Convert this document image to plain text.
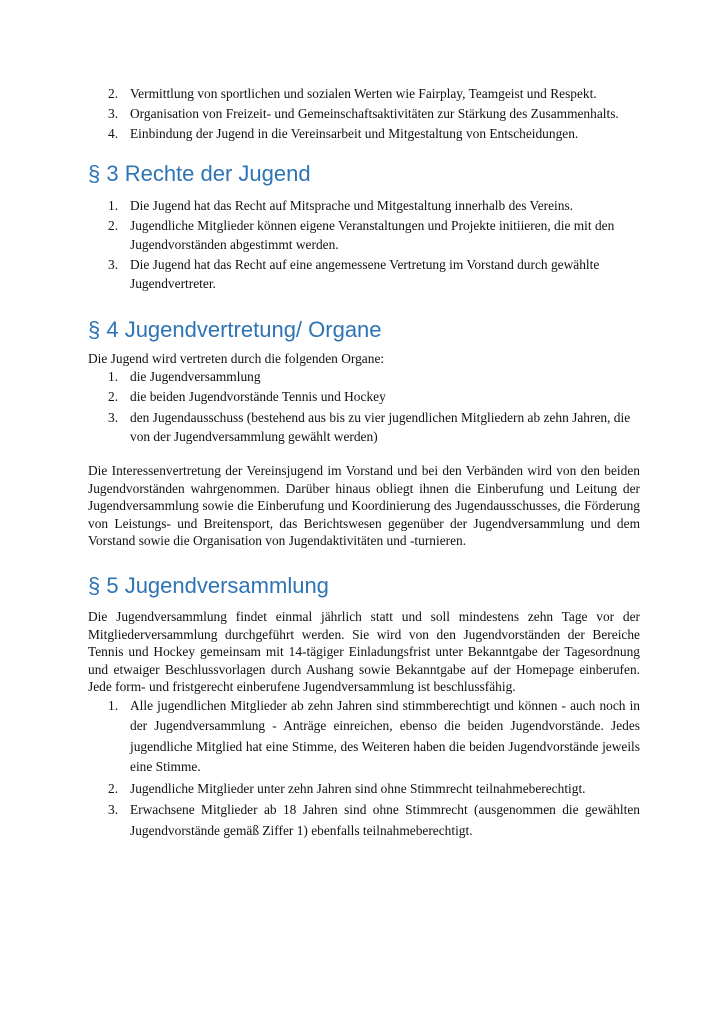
2. Vermittlung von sportlichen und sozialen Werten wie Fairplay, Teamgeist und Respekt.
3. Organisation von Freizeit- und Gemeinschaftsaktivitäten zur Stärkung des Zusammenhalts.
4. Einbindung der Jugend in die Vereinsarbeit und Mitgestaltung von Entscheidungen.
§ 3 Rechte der Jugend
1. Die Jugend hat das Recht auf Mitsprache und Mitgestaltung innerhalb des Vereins.
2. Jugendliche Mitglieder können eigene Veranstaltungen und Projekte initiieren, die mit den Jugendvorständen abgestimmt werden.
3. Die Jugend hat das Recht auf eine angemessene Vertretung im Vorstand durch gewählte Jugendvertreter.
§ 4 Jugendvertretung/ Organe

Die Jugend wird vertreten durch die folgenden Organe:

1. die Jugendversammlung
2. die beiden Jugendvorstände Tennis und Hockey
3. den Jugendausschuss (bestehend aus bis zu vier jugendlichen Mitgliedern ab zehn Jahren, die von der Jugendversammlung gewählt werden)

Die Interessenvertretung der Vereinsjugend im Vorstand und bei den Verbänden wird von den beiden Jugendvorständen wahrgenommen. Darüber hinaus obliegt ihnen die Einberufung und Leitung der Jugendversammlung sowie die Einberufung und Koordinierung des Jugendausschusses, die Förderung von Leistungs- und Breitensport, das Berichtswesen gegenüber der Jugendversammlung und dem Vorstand sowie die Organisation von Jugendaktivitäten und -turnieren.

§ 5 Jugendversammlung

Die Jugendversammlung findet einmal jährlich statt und soll mindestens zehn Tage vor der Mitgliederversammlung durchgeführt werden. Sie wird von den Jugendvorständen der Bereiche Tennis und Hockey gemeinsam mit 14-tägiger Einladungsfrist unter Bekanntgabe der Tagesordnung und etwaiger Beschlussvorlagen durch Aushang sowie Bekanntgabe auf der Homepage einberufen. Jede form- und fristgerecht einberufene Jugendversammlung ist beschlussfähig.

1. Alle jugendlichen Mitglieder ab zehn Jahren sind stimmberechtigt und können - auch noch in der Jugendversammlung - Anträge einreichen, ebenso die beiden Jugendvorstände. Jedes jugendliche Mitglied hat eine Stimme, des Weiteren haben die beiden Jugendvorstände jeweils eine Stimme.
2. Jugendliche Mitglieder unter zehn Jahren sind ohne Stimmrecht teilnahmeberechtigt.
3. Erwachsene Mitglieder ab 18 Jahren sind ohne Stimmrecht (ausgenommen die gewählten Jugendvorstände gemäß Ziffer 1) ebenfalls teilnahmeberechtigt.
